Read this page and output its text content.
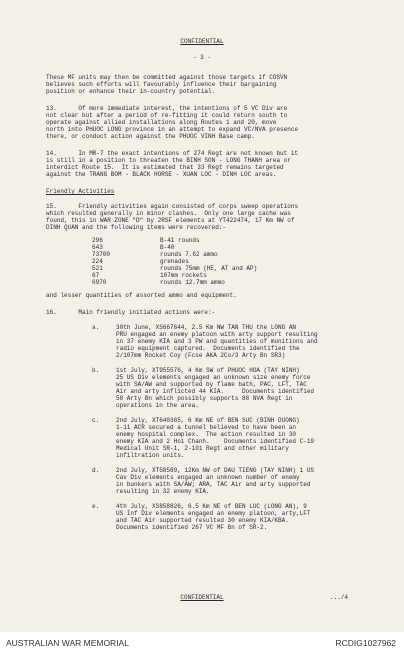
CONFIDENTIAL
- 3 -
These MF units may then be committed against those targets if COSVN
believes such efforts will favourably influence their bargaining
position or enhance their in-country potential.
13.      Of more immediate interest, the intentions of 5 VC Div are
not clear but after a period of re-fitting it could return south to
operate against allied installations along Routes 1 and 20, move
north into PHUOC LONG province in an attempt to expand VC/NVA presence
there, or conduct action against the PHUOC VINH Base camp.
14.      In MR-7 the exact intentions of 274 Regt are not known but it
is still in a position to threaten the BINH SON - LONG THANH area or
interdict Route 15.  It is estimated that 33 Regt remains targeted
against the TRANG BOM - BLACK HORSE - XUAN LOC - DINH LOC areas.
Friendly Activities
15.      Friendly activities again consisted of corps sweep operations
which resulted generally in minor clashes.  Only one large cache was
found, this in WAR ZONE "D" by 2RSF elements at YT422474, 17 Km NW of
DINH QUAN and the following items were recovered:-
296	B-41 rounds
643	B-40
73700	rounds 7.62 ammo
224	grenades
521	rounds 75mm (HE, AT and AP)
67	107mm rockets
6970	rounds 12.7mm ammo
and lesser quantities of assorted ammo and equipment.
16.      Main friendly initiated actions were:-
a.	30th June, XS667644, 2.5 Km NW TAN THU the LONG AN
PRU engaged an enemy platoon with arty support resulting
in 37 enemy KIA and 3 PW and quantities of munitions and
radio equipment captured.  Documents identified the
2/107mm Rocket Coy (Fcse AKA 2Co/3 Arty Bn SR3)
b.	1st July, XT955576, 4 Km SW of PHUOC HOA (TAY NINH)
25 US Div elements engaged an unknown size enemy force
with SA/AW and supported by flame bath, PAC, LFT, TAC
Air and arty inflicted 44 KIA.     Documents identified
58 Arty Bn which possibly supports 88 NVA Regt in
operations in the area.
c.	2nd July, XT640365, 6 Km NE of BEN SUC (BINH DUONG)
1-11 ACR secured a tunnel believed to have been an
enemy hospital complex.  The action resulted in 30
enemy KIA and 2 Hoi Chanh.    Documents identified C-19
Medical Unit SR-1, 2-101 Regt and other military
infiltration units.
d.	2nd July, XT58589, 12Km NW of DAU TIENG (TAY NINH) 1 US
Cav Div elements engaged an unknown number of enemy
in bunkers with SA/AW; ARA, TAC Air and arty supported
resulting in 32 enemy KIA.
e.	4th July, XS858826, 6.5 Km NE of BEN LUC (LONG AN), 9
US Inf Div elements engaged an enemy platoon, arty,LFT
and TAC Air supported resulted 30 enemy KIA/KBA.
Documents identified 267 VC MF Bn of SR-2.
CONFIDENTIAL	.../4
AUSTRALIAN WAR MEMORIAL	RCDIG1027962
